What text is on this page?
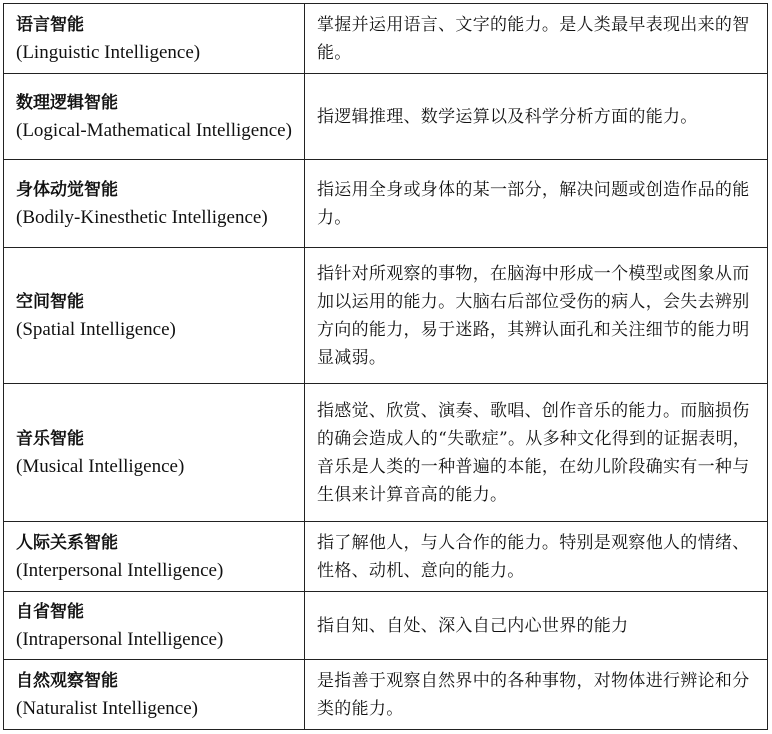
语言智能
(Linguistic Intelligence)	掌握并运用语言、文字的能力。是人类最早表现出来的智能。

数理逻辑智能
(Logical-Mathematical Intelligence)	指逻辑推理、数学运算以及科学分析方面的能力。

身体动觉智能
(Bodily-Kinesthetic Intelligence)	指运用全身或身体的某一部分，解决问题或创造作品的能力。

空间智能
(Spatial Intelligence)	指针对所观察的事物，在脑海中形成一个模型或图象从而加以运用的能力。大脑右后部位受伤的病人，会失去辨别方向的能力，易于迷路，其辨认面孔和关注细节的能力明显减弱。

音乐智能
(Musical Intelligence)	指感觉、欣赏、演奏、歌唱、创作音乐的能力。而脑损伤的确会造成人的“失歌症”。从多种文化得到的证据表明，音乐是人类的一种普遍的本能，在幼儿阶段确实有一种与生俱来计算音高的能力。

人际关系智能
(Interpersonal Intelligence)	指了解他人，与人合作的能力。特别是观察他人的情绪、性格、动机、意向的能力。

自省智能
(Intrapersonal Intelligence)	指自知、自处、深入自己内心世界的能力

自然观察智能
(Naturalist Intelligence)	是指善于观察自然界中的各种事物，对物体进行辨论和分类的能力。
